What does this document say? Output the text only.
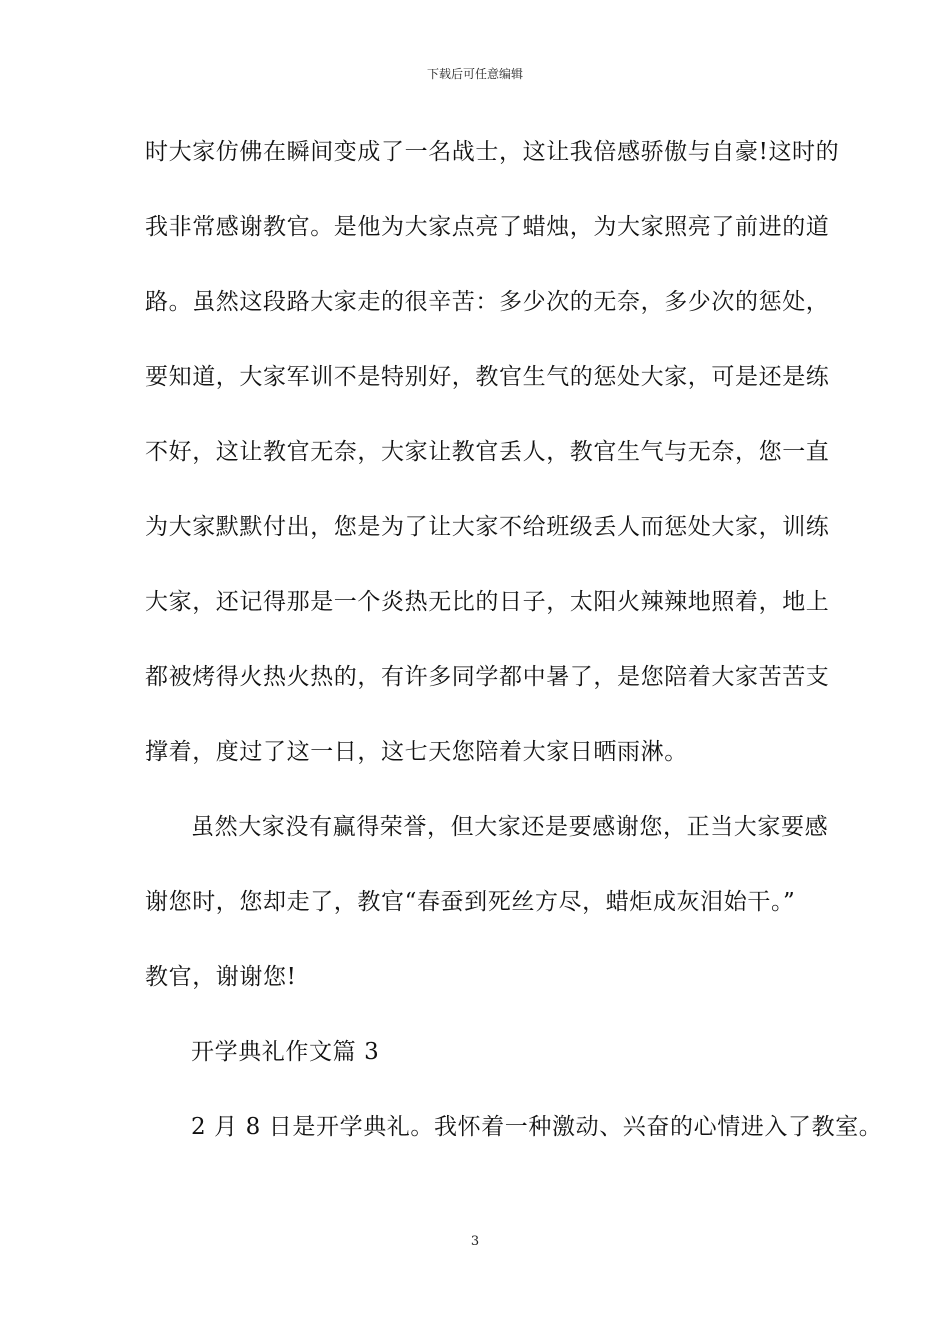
下载后可任意编辑
时大家仿佛在瞬间变成了一名战士，这让我倍感骄傲与自豪!这时的
我非常感谢教官。是他为大家点亮了蜡烛，为大家照亮了前进的道
路。虽然这段路大家走的很辛苦：多少次的无奈，多少次的惩处，
要知道，大家军训不是特别好，教官生气的惩处大家，可是还是练
不好，这让教官无奈，大家让教官丢人，教官生气与无奈，您一直
为大家默默付出，您是为了让大家不给班级丢人而惩处大家，训练
大家，还记得那是一个炎热无比的日子，太阳火辣辣地照着，地上
都被烤得火热火热的，有许多同学都中暑了，是您陪着大家苦苦支
撑着，度过了这一日，这七天您陪着大家日晒雨淋。
虽然大家没有赢得荣誉，但大家还是要感谢您，正当大家要感
谢您时，您却走了，教官“春蚕到死丝方尽，蜡炬成灰泪始干。”
教官，谢谢您!
开学典礼作文篇 3
2 月 8 日是开学典礼。我怀着一种激动、兴奋的心情进入了教室。
3
